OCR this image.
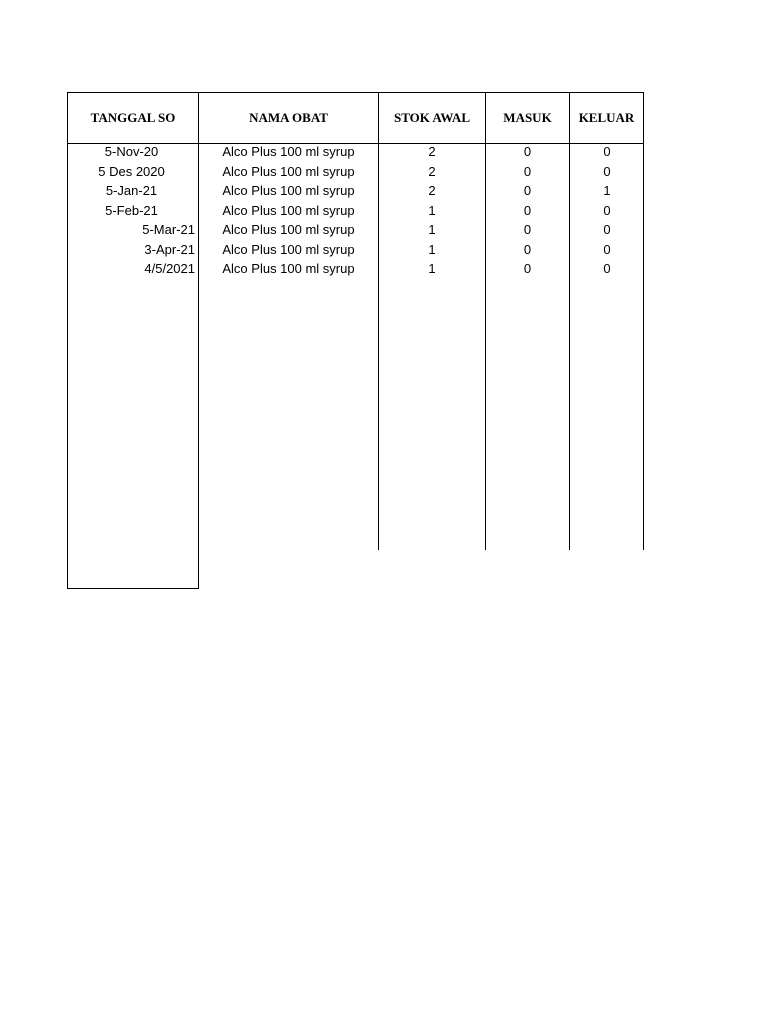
TANGGAL SO	NAMA OBAT	STOK AWAL	MASUK	KELUAR
5-Nov-20	Alco Plus 100 ml syrup	2	0	0
5 Des 2020	Alco Plus 100 ml syrup	2	0	0
5-Jan-21	Alco Plus 100 ml syrup	2	0	1
5-Feb-21	Alco Plus 100 ml syrup	1	0	0
5-Mar-21	Alco Plus 100 ml syrup	1	0	0
3-Apr-21	Alco Plus 100 ml syrup	1	0	0
4/5/2021	Alco Plus 100 ml syrup	1	0	0
